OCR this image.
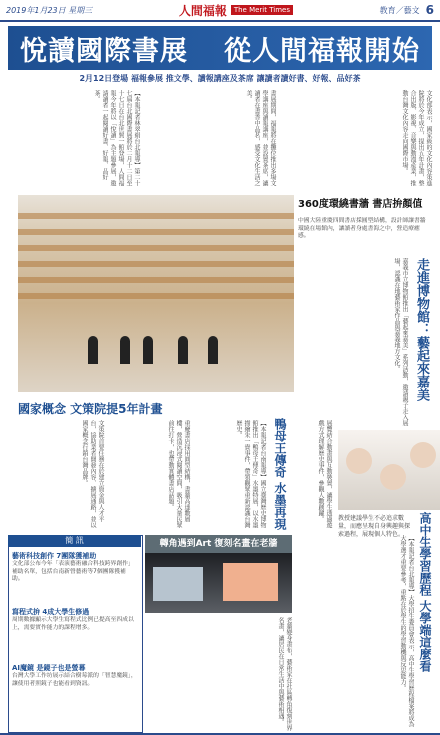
2019年1月23日 星期三	人間福報	The Merit Times	教育／藝文 6
悅讀國際書展 從人間福報開始
2月12日登場 福報參展 推文學、讀報講座及茶席 讓讀者讀好書、好報、品好茶
【本報記者林翠絹台北報導】第二十七屆台北國際書展將於二月十二日至十七日在台北世貿一館登場，人間福報今年將以「悅讀」為主題參展，邀請讀者一起閱讀好書、好報、品好茶。	書展期間，福報將在攤位推出多場文學講座與讀報講座，並設置茶席，讓讀者在書香中品茗，感受文化生活之美。	文化部表示，國家級的文化內容策進院將於今年成立，提出五年計畫，整合出版、影視、音樂與動漫產業，推動台灣文化內容走向國際市場。
360度環繞書牆 書店拚顏值
中國大陸重慶四間書店採圓型結構，設計師讓書牆環繞在場館內，讓讀者身處書海之中，營造療癒感。
國家概念 文策院提5年計畫
文策院首要任務在於建立資金與人才平台，協助業者開發內容、擴展通路，並以國家概念行銷台灣品牌。	重慶書店採用圓型結構，書牆高達數層樓，營造沉浸式閱讀空間，吸引大量民眾前往打卡，也帶動實體書店話題。	【本報記者台南報導】國立臺灣歷史博物館推出「鴨母王傳奇」水墨特展，以水墨描繪朱一貴事件，帶領觀眾重新認識台灣歷史。	展覽結合動畫與互動裝置，讓學生透過遊戲方式理解歷史事件，參觀人數踴躍。
鴨母王傳奇 水墨再現
走進博物館：藝起來嘉美
嘉義市立博物館推出「藝起來嘉美」系列活動，邀請親子走入展場，認識在地藝術家作品與嘉義地方文化。
簡 訊
藝術科技創作 7團隊獲補助

文化部公布今年「表演藝術融合科技跨界創作」補助名單，包括台南新營藝術等7個團隊獲補助。

寫程式拚 4成大學生修過

周期數據顯示大學生寫程式比例已提高至四成以上，需要實作能力的課程增多。

AI魔鏡 是鏡子也是螢幕

台灣大學工作坊展示結合樹莓派的「智慧魔鏡」，讓使用者照鏡子也能看到資訊。

轉角遇到Art 復刻名畫在老牆
老牆變身畫布，藝術家在社區轉角復刻世界名畫，讓居民在日常生活中與藝術相遇。	高中生學習歷程 大學端這麼看
【本報記者台北報導】大學招生委員會表示，高中生學習歷程檔案將成為大學選才重要參考，重點在於學生的學習動機與反思能力。
教授建議學生不必追求數量，而應呈現自身興趣與探索過程，展現個人特色。
